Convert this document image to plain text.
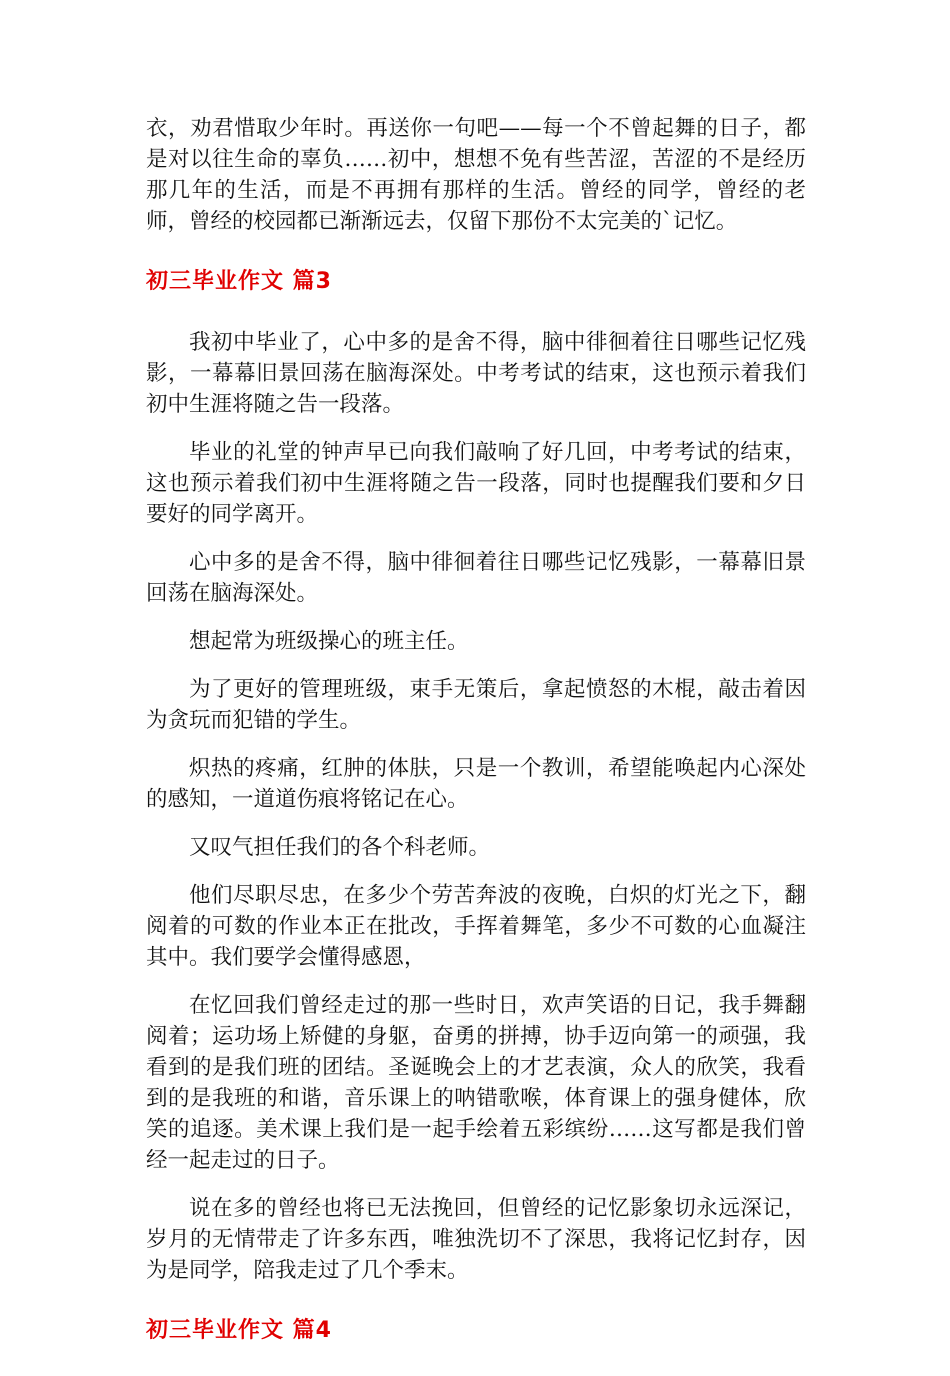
衣，劝君惜取少年时。再送你一句吧——每一个不曾起舞的日子，都是对以往生命的辜负……初中，想想不免有些苦涩，苦涩的不是经历那几年的生活，而是不再拥有那样的生活。曾经的同学，曾经的老师，曾经的校园都已渐渐远去，仅留下那份不太完美的`记忆。

初三毕业作文 篇3

我初中毕业了，心中多的是舍不得，脑中徘徊着往日哪些记忆残影，一幕幕旧景回荡在脑海深处。中考考试的结束，这也预示着我们初中生涯将随之告一段落。

毕业的礼堂的钟声早已向我们敲响了好几回，中考考试的结束，这也预示着我们初中生涯将随之告一段落，同时也提醒我们要和夕日要好的同学离开。

心中多的是舍不得，脑中徘徊着往日哪些记忆残影，一幕幕旧景回荡在脑海深处。

想起常为班级操心的班主任。

为了更好的管理班级，束手无策后，拿起愤怒的木棍，敲击着因为贪玩而犯错的学生。

炽热的疼痛，红肿的体肤，只是一个教训，希望能唤起内心深处的感知，一道道伤痕将铭记在心。

又叹气担任我们的各个科老师。

他们尽职尽忠，在多少个劳苦奔波的夜晚，白炽的灯光之下，翻阅着的可数的作业本正在批改，手挥着舞笔，多少不可数的心血凝注其中。我们要学会懂得感恩，

在忆回我们曾经走过的那一些时日，欢声笑语的日记，我手舞翻阅着；运功场上矫健的身躯，奋勇的拼搏，协手迈向第一的顽强，我看到的是我们班的团结。圣诞晚会上的才艺表演，众人的欣笑，我看到的是我班的和谐，音乐课上的呐错歌喉，体育课上的强身健体，欣笑的追逐。美术课上我们是一起手绘着五彩缤纷……这写都是我们曾经一起走过的日子。

说在多的曾经也将已无法挽回，但曾经的记忆影象切永远深记，岁月的无情带走了许多东西，唯独洗切不了深思，我将记忆封存，因为是同学，陪我走过了几个季末。

初三毕业作文 篇4
